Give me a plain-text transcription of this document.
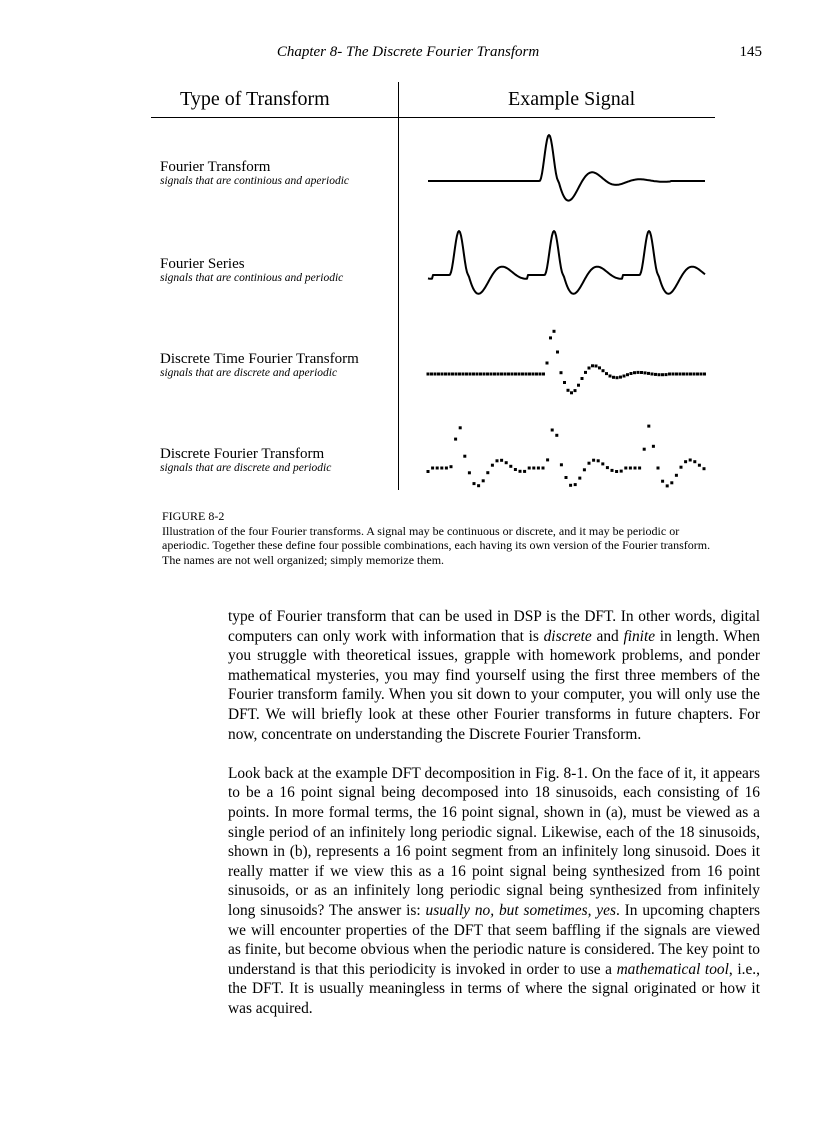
Chapter 8- The Discrete Fourier Transform	145
Type of Transform	Example Signal
Fourier Transform
signals that are continious and aperiodic
Fourier Series
signals that are continious and periodic
Discrete Time Fourier Transform
signals that are discrete and aperiodic
Discrete Fourier Transform
signals that are discrete and periodic
FIGURE 8-2
Illustration of the four Fourier transforms. A signal may be continuous or discrete, and it may be periodic or aperiodic. Together these define four possible combinations, each having its own version of the Fourier transform. The names are not well organized; simply memorize them.

type of Fourier transform that can be used in DSP is the DFT. In other words, digital computers can only work with information that is discrete and finite in length. When you struggle with theoretical issues, grapple with homework problems, and ponder mathematical mysteries, you may find yourself using the first three members of the Fourier transform family. When you sit down to your computer, you will only use the DFT. We will briefly look at these other Fourier transforms in future chapters. For now, concentrate on understanding the Discrete Fourier Transform.

Look back at the example DFT decomposition in Fig. 8-1. On the face of it, it appears to be a 16 point signal being decomposed into 18 sinusoids, each consisting of 16 points. In more formal terms, the 16 point signal, shown in (a), must be viewed as a single period of an infinitely long periodic signal. Likewise, each of the 18 sinusoids, shown in (b), represents a 16 point segment from an infinitely long sinusoid. Does it really matter if we view this as a 16 point signal being synthesized from 16 point sinusoids, or as an infinitely long periodic signal being synthesized from infinitely long sinusoids? The answer is: usually no, but sometimes, yes. In upcoming chapters we will encounter properties of the DFT that seem baffling if the signals are viewed as finite, but become obvious when the periodic nature is considered. The key point to understand is that this periodicity is invoked in order to use a mathematical tool, i.e., the DFT. It is usually meaningless in terms of where the signal originated or how it was acquired.
